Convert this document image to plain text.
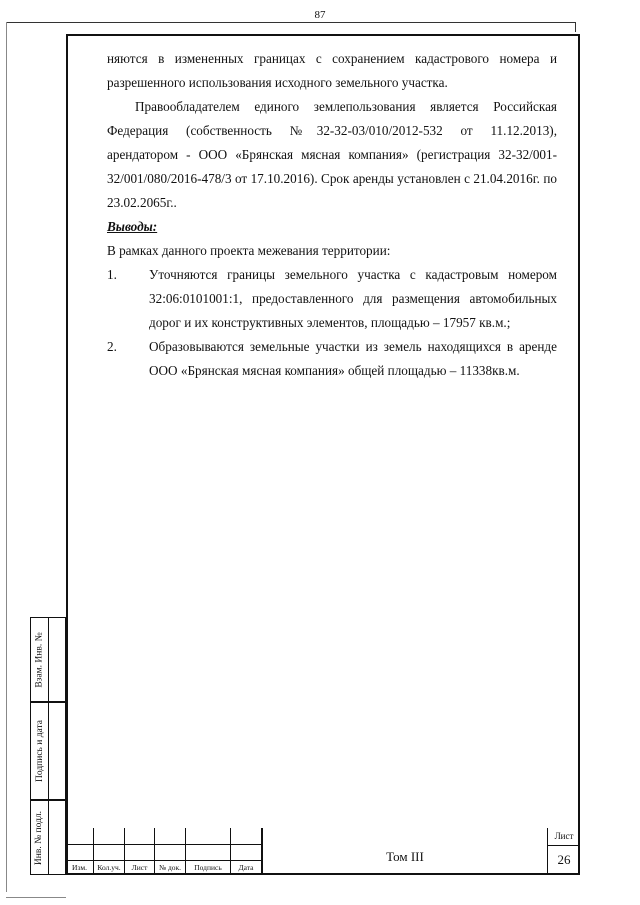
87

няются в измененных границах с сохранением кадастрового номера и разрешенного использования исходного земельного участка.

Правообладателем единого землепользования является Российская Федерация (собственность №32-32-03/010/2012-532 от 11.12.2013), арендатором - ООО «Брянская мясная компания» (регистрация 32-32/001-32/001/080/2016-478/3 от 17.10.2016). Срок аренды установлен с 21.04.2016г. по 23.02.2065г..

Выводы:

В рамках данного проекта межевания территории:

1.	Уточняются границы земельного участка с кадастровым номером 32:06:0101001:1, предоставленного для размещения автомобильных дорог и их конструктивных элементов, площадью – 17957 кв.м.;
2.	Образовываются земельные участки из земель находящихся в аренде ООО «Брянская мясная компания» общей площадью – 11338кв.м.
Взам. Инв. №
Подпись и дата
Инв. № подл.
Изм.	Кол.уч.	Лист	№ док.	Подпись	Дата
Том III
Лист
26
